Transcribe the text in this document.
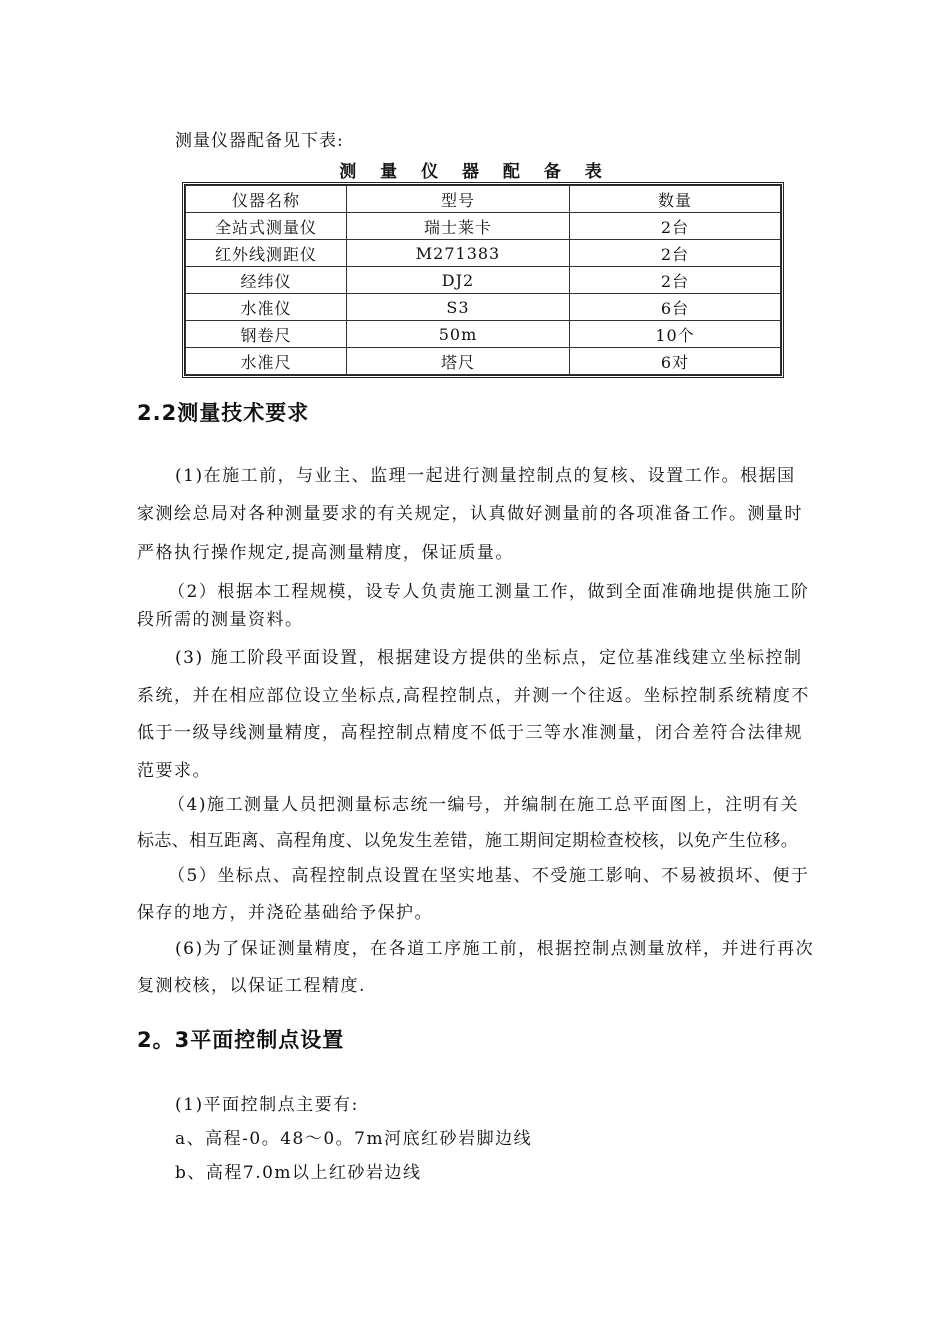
测量仪器配备见下表:
测 量 仪 器 配 备 表
仪器名称	型号	数量
全站式测量仪	瑞士莱卡	2台
红外线测距仪	M271383	2台
经纬仪	DJ2	2台
水准仪	S3	6台
钢卷尺	50m	10个
水准尺	塔尺	6对
2.2测量技术要求
(1)在施工前，与业主、监理一起进行测量控制点的复核、设置工作。根据国
家测绘总局对各种测量要求的有关规定，认真做好测量前的各项准备工作。测量时
严格执行操作规定,提高测量精度，保证质量。
（2）根据本工程规模，设专人负责施工测量工作，做到全面准确地提供施工阶
段所需的测量资料。
(3) 施工阶段平面设置，根据建设方提供的坐标点，定位基准线建立坐标控制
系统，并在相应部位设立坐标点,高程控制点，并测一个往返。坐标控制系统精度不
低于一级导线测量精度，高程控制点精度不低于三等水准测量，闭合差符合法律规
范要求。
（4)施工测量人员把测量标志统一编号，并编制在施工总平面图上，注明有关
标志、相互距离、高程角度、以免发生差错，施工期间定期检查校核，以免产生位移。
（5）坐标点、高程控制点设置在坚实地基、不受施工影响、不易被损坏、便于
保存的地方，并浇砼基础给予保护。
(6)为了保证测量精度，在各道工序施工前，根据控制点测量放样，并进行再次
复测校核，以保证工程精度.
2。3平面控制点设置
(1)平面控制点主要有:
a、高程-0。48～0。7m河底红砂岩脚边线
b、高程7.0m以上红砂岩边线
